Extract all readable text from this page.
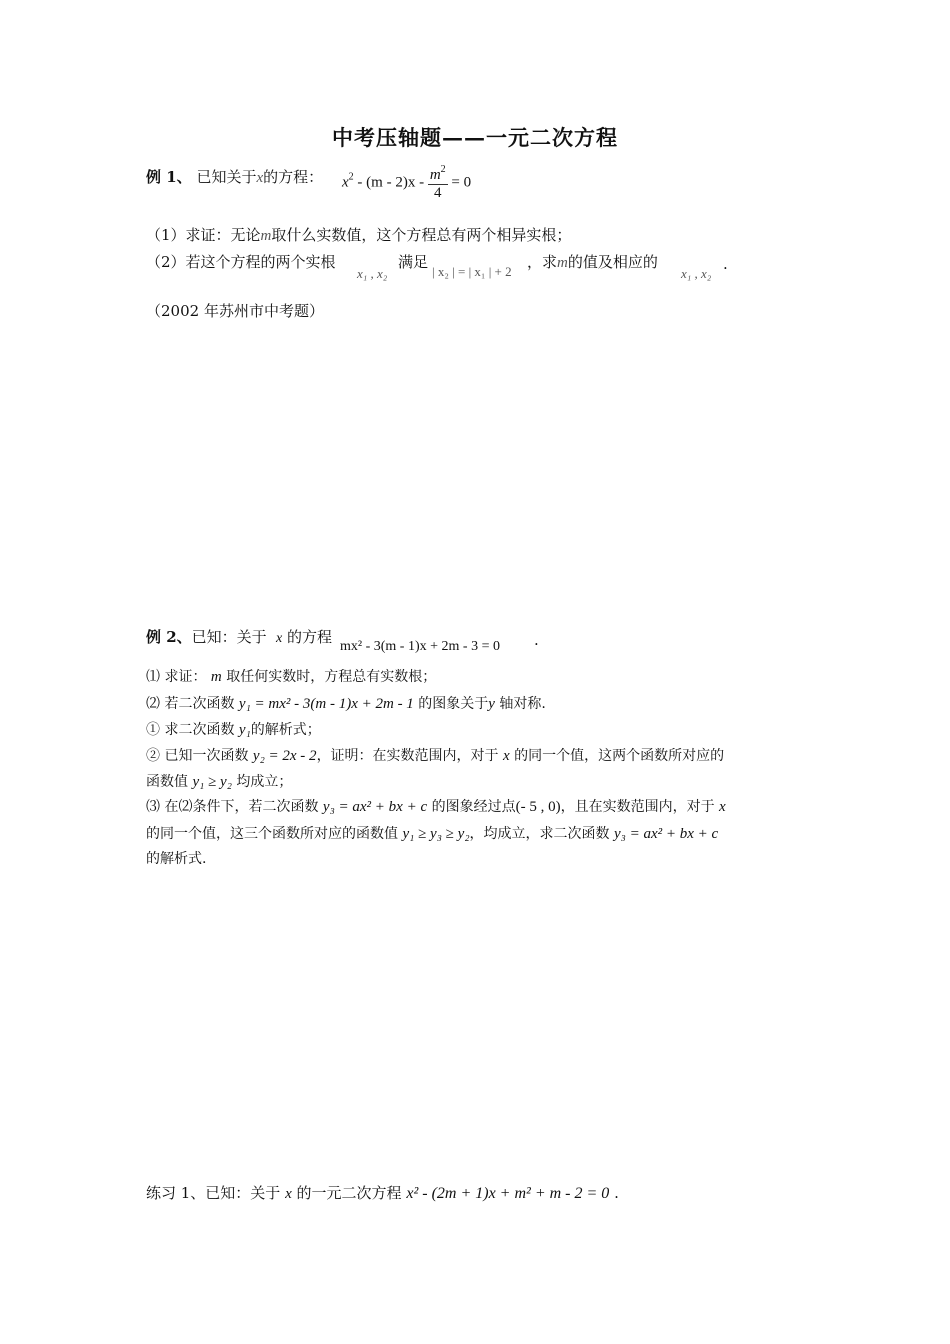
中考压轴题——一元二次方程
例 1、 已知关于x的方程： $x^2 - (m - 2)x - \frac{m^2}{4} = 0$
（1）求证：无论m取什么实数值，这个方程总有两个相异实根；
（2）若这个方程的两个实根
x₁ , x₂
满足
| x₂ | = | x₁ | + 2
，求m的值及相应的
x₁ , x₂
.
（2002 年苏州市中考题）
例 2、已知：关于 x 的方程
mx² - 3(m - 1)x + 2m - 3 = 0 .
⑴ 求证： m 取任何实数时，方程总有实数根；
⑵ 若二次函数 y₁ = mx² - 3(m - 1)x + 2m - 1 的图象关于y 轴对称.
① 求二次函数 y₁的解析式；
② 已知一次函数 y₂ = 2x - 2，证明：在实数范围内，对于 x 的同一个值，这两个函数所对应的
函数值 y₁ ≥ y₂ 均成立；
⑶ 在⑵条件下，若二次函数 y₃ = ax² + bx + c 的图象经过点(- 5 , 0)，且在实数范围内，对于 x
的同一个值，这三个函数所对应的函数值 y₁ ≥ y₃ ≥ y₂，均成立，求二次函数 y₃ = ax² + bx + c
的解析式.
练习 1、已知：关于 x 的一元二次方程 x² - (2m + 1)x + m² + m - 2 = 0 .
